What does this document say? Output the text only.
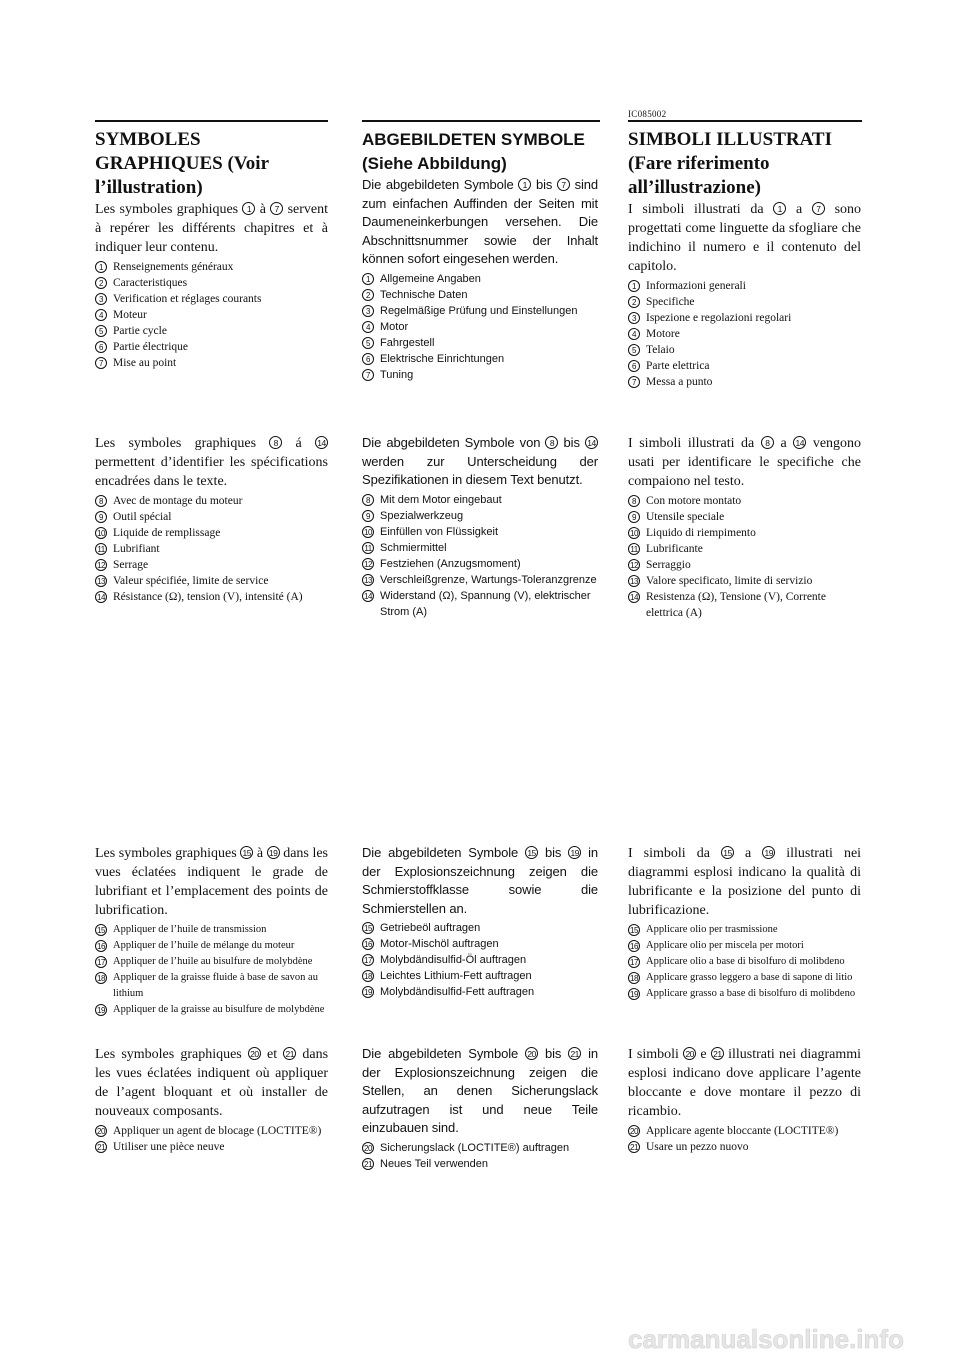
IC085002
SYMBOLES GRAPHIQUES (Voir l’illustration)

Les symboles graphiques 1 à 7 servent à repérer les différents chapitres et à indiquer leur contenu.

1 Renseignements généraux
2 Caracteristiques
3 Verification et réglages courants
4 Moteur
5 Partie cycle
6 Partie électrique
7 Mise au point

Les symboles graphiques 8 á 14 permettent d’identifier les spécifications encadrées dans le texte.

8 Avec de montage du moteur
9 Outil spécial
10 Liquide de remplissage
11 Lubrifiant
12 Serrage
13 Valeur spécifiée, limite de service
14 Résistance (Ω), tension (V), intensité (A)

Les symboles graphiques 15 à 19 dans les vues éclatées indiquent le grade de lubrifiant et l’emplacement des points de lubrification.

15 Appliquer de l’huile de transmission
16 Appliquer de l’huile de mélange du moteur
17 Appliquer de l’huile au bisulfure de molybdène
18 Appliquer de la graisse fluide à base de savon au lithium
19 Appliquer de la graisse au bisulfure de molybdène

Les symboles graphiques 20 et 21 dans les vues éclatées indiquent où appliquer de l’agent bloquant et où installer de nouveaux composants.

20 Appliquer un agent de blocage (LOCTITE®)
21 Utiliser une pièce neuve
ABGEBILDETEN SYMBOLE (Siehe Abbildung)

Die abgebildeten Symbole 1 bis 7 sind zum einfachen Auffinden der Seiten mit Daumeneinkerbungen versehen. Die Abschnittsnummer sowie der Inhalt können sofort eingesehen werden.

1 Allgemeine Angaben
2 Technische Daten
3 Regelmäßige Prüfung und Einstellungen
4 Motor
5 Fahrgestell
6 Elektrische Einrichtungen
7 Tuning

Die abgebildeten Symbole von 8 bis 14 werden zur Unterscheidung der Spezifikationen in diesem Text benutzt.

8 Mit dem Motor eingebaut
9 Spezialwerkzeug
10 Einfüllen von Flüssigkeit
11 Schmiermittel
12 Festziehen (Anzugsmoment)
13 Verschleißgrenze, Wartungs-Toleranzgrenze
14 Widerstand (Ω), Spannung (V), elektrischer Strom (A)

Die abgebildeten Symbole 15 bis 19 in der Explosionszeichnung zeigen die Schmierstoffklasse sowie die Schmierstellen an.

15 Getriebeöl auftragen
16 Motor-Mischöl auftragen
17 Molybdändisulfid-Öl auftragen
18 Leichtes Lithium-Fett auftragen
19 Molybdändisulfid-Fett auftragen

Die abgebildeten Symbole 20 bis 21 in der Explosionszeichnung zeigen die Stellen, an denen Sicherungslack aufzutragen ist und neue Teile einzubauen sind.

20 Sicherungslack (LOCTITE®) auftragen
21 Neues Teil verwenden
SIMBOLI ILLUSTRATI (Fare riferimento all’illustrazione)

I simboli illustrati da 1 a 7 sono progettati come linguette da sfogliare che indichino il numero e il contenuto del capitolo.

1 Informazioni generali
2 Specifiche
3 Ispezione e regolazioni regolari
4 Motore
5 Telaio
6 Parte elettrica
7 Messa a punto

I simboli illustrati da 8 a 14 vengono usati per identificare le specifiche che compaiono nel testo.

8 Con motore montato
9 Utensile speciale
10 Liquido di riempimento
11 Lubrificante
12 Serraggio
13 Valore specificato, limite di servizio
14 Resistenza (Ω), Tensione (V), Corrente elettrica (A)

I simboli da 15 a 19 illustrati nei diagrammi esplosi indicano la qualità di lubrificante e la posizione del punto di lubrificazione.

15 Applicare olio per trasmissione
16 Applicare olio per miscela per motori
17 Applicare olio a base di bisolfuro di molibdeno
18 Applicare grasso leggero a base di sapone di litio
19 Applicare grasso a base di bisolfuro di molibdeno

I simboli 20 e 21 illustrati nei diagrammi esplosi indicano dove applicare l’agente bloccante e dove montare il pezzo di ricambio.

20 Applicare agente bloccante (LOCTITE®)
21 Usare un pezzo nuovo
carmanualsonline.info
